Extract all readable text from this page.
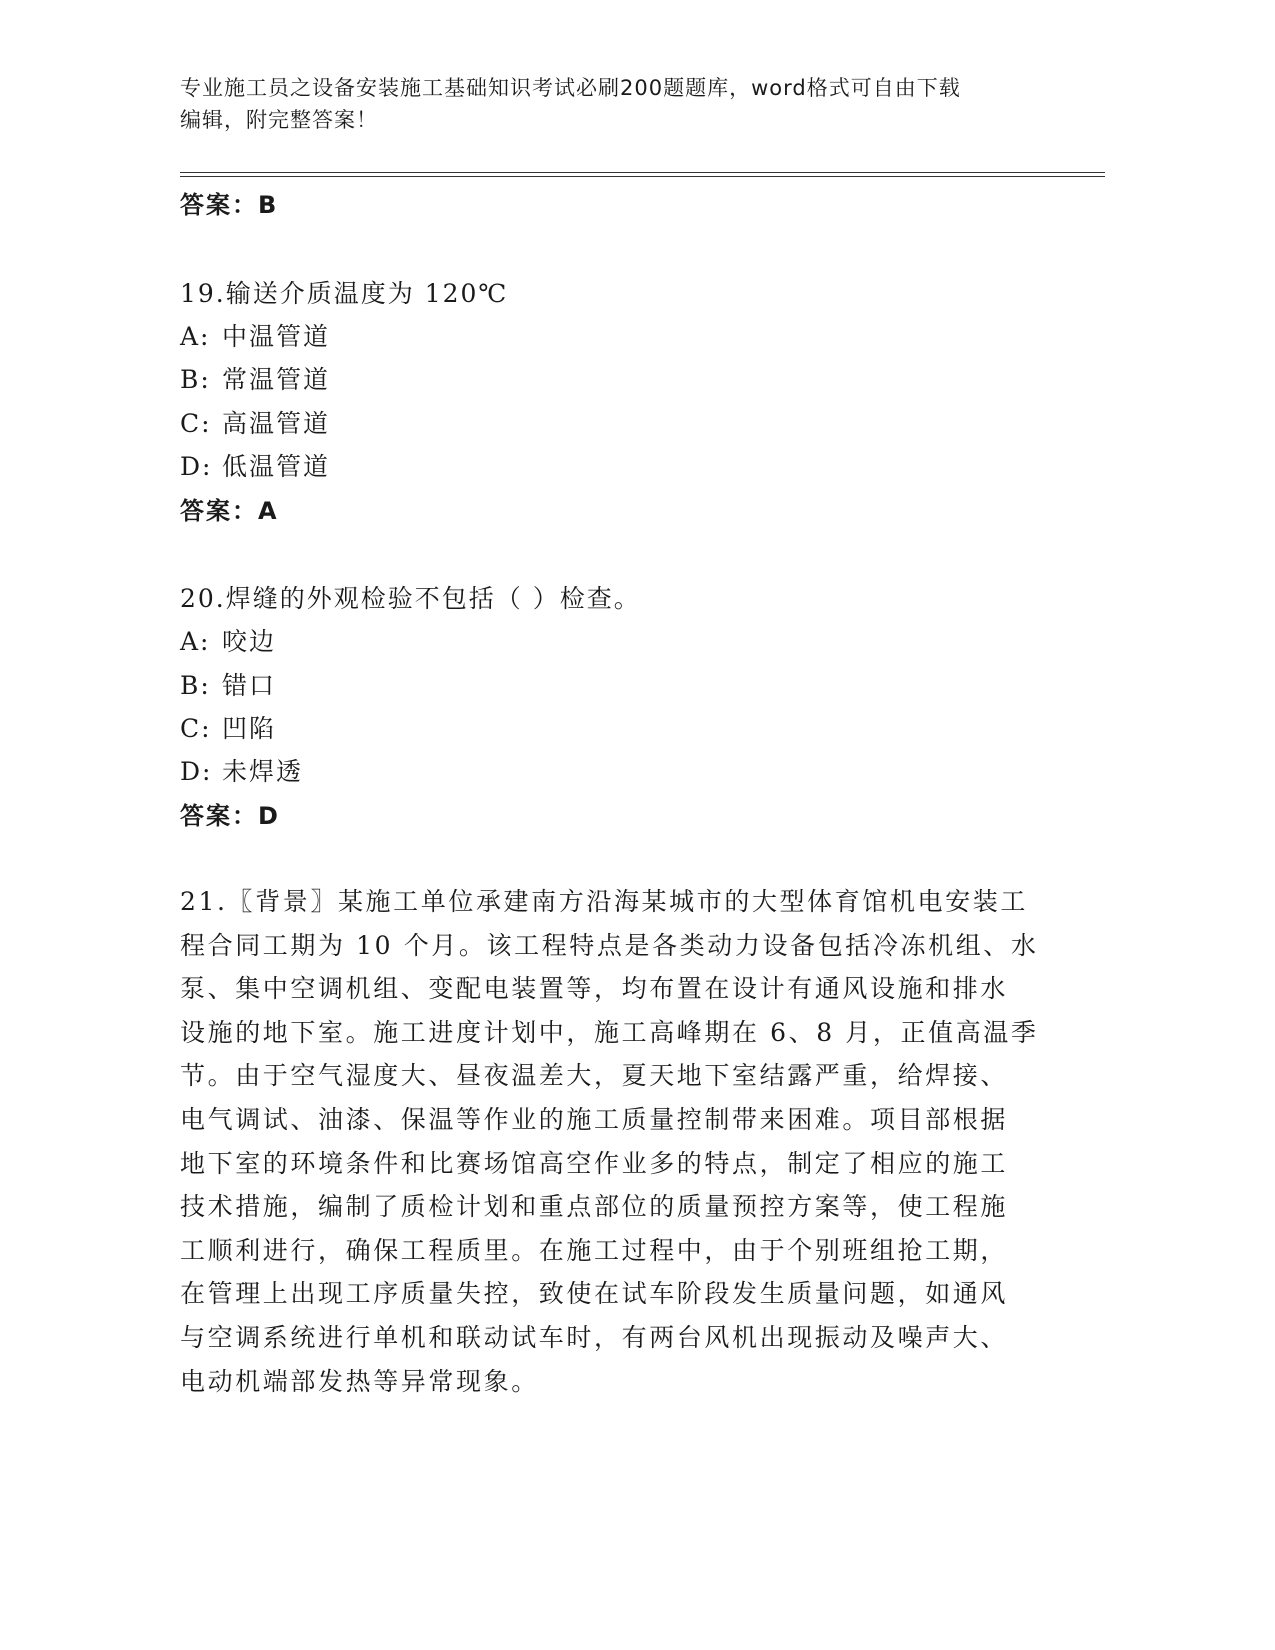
专业施工员之设备安装施工基础知识考试必刷200题题库，word格式可自由下载
编辑，附完整答案！
答案：B
19.输送介质温度为 120℃
A: 中温管道
B: 常温管道
C: 高温管道
D: 低温管道
答案：A
20.焊缝的外观检验不包括（ ）检查。
A: 咬边
B: 错口
C: 凹陷
D: 未焊透
答案：D
21.〖背景〗某施工单位承建南方沿海某城市的大型体育馆机电安装工
程合同工期为 10 个月。该工程特点是各类动力设备包括冷冻机组、水
泵、集中空调机组、变配电装置等，均布置在设计有通风设施和排水
设施的地下室。施工进度计划中，施工高峰期在 6、8 月，正值高温季
节。由于空气湿度大、昼夜温差大，夏天地下室结露严重，给焊接、
电气调试、油漆、保温等作业的施工质量控制带来困难。项目部根据
地下室的环境条件和比赛场馆高空作业多的特点，制定了相应的施工
技术措施，编制了质检计划和重点部位的质量预控方案等，使工程施
工顺利进行，确保工程质里。在施工过程中，由于个别班组抢工期，
在管理上出现工序质量失控，致使在试车阶段发生质量问题，如通风
与空调系统进行单机和联动试车时，有两台风机出现振动及噪声大、
电动机端部发热等异常现象。
